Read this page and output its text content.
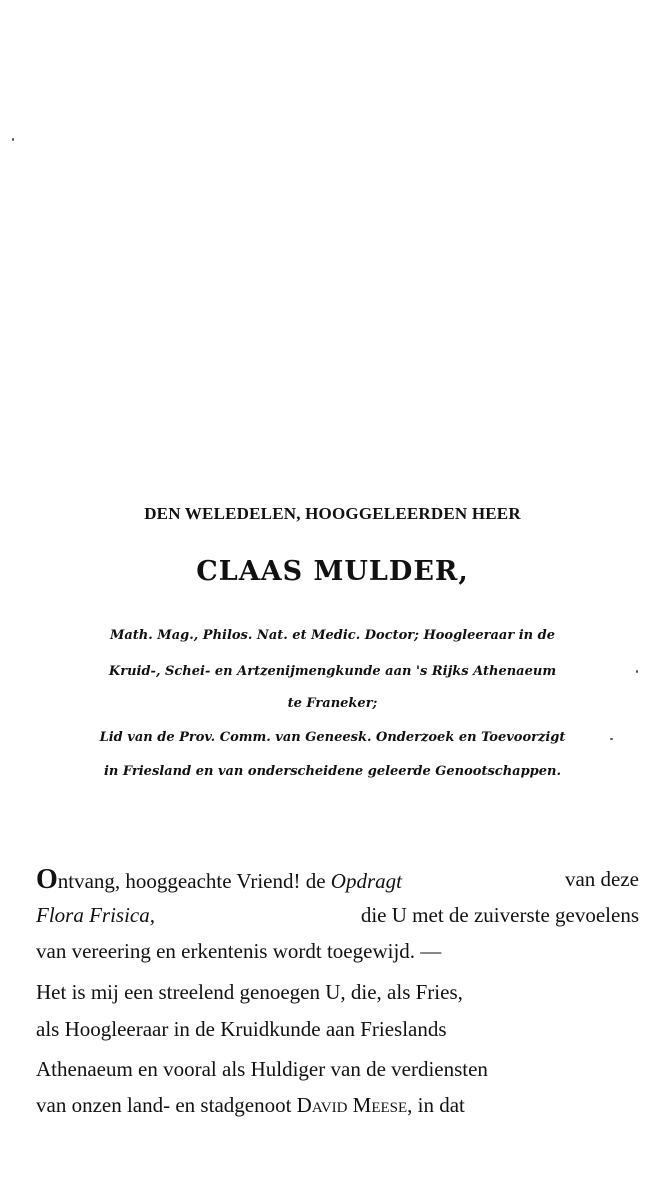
DEN WELEDELEN, HOOGGELEERDEN HEER
CLAAS MULDER,
Math. Mag., Philos. Nat. et Medic. Doctor; Hoogleeraar in de
Kruid-, Schei- en Artzenijmengkunde aan 's Rijks Athenaeum
te Franeker;
Lid van de Prov. Comm. van Geneesk. Onderzoek en Toevoorzigt
in Friesland en van onderscheidene geleerde Genootschappen.
Ontvang, hooggeachte Vriend! de Opdragt	van deze
Flora Frisica,	die U met de zuiverste gevoelens
van vereering en erkentenis wordt toegewijd. —
Het is mij een streelend genoegen U, die, als Fries,
als Hoogleeraar in de Kruidkunde aan Frieslands
Athenaeum en vooral als Huldiger van de verdiensten
van onzen land- en stadgenoot David Meese, in dat
